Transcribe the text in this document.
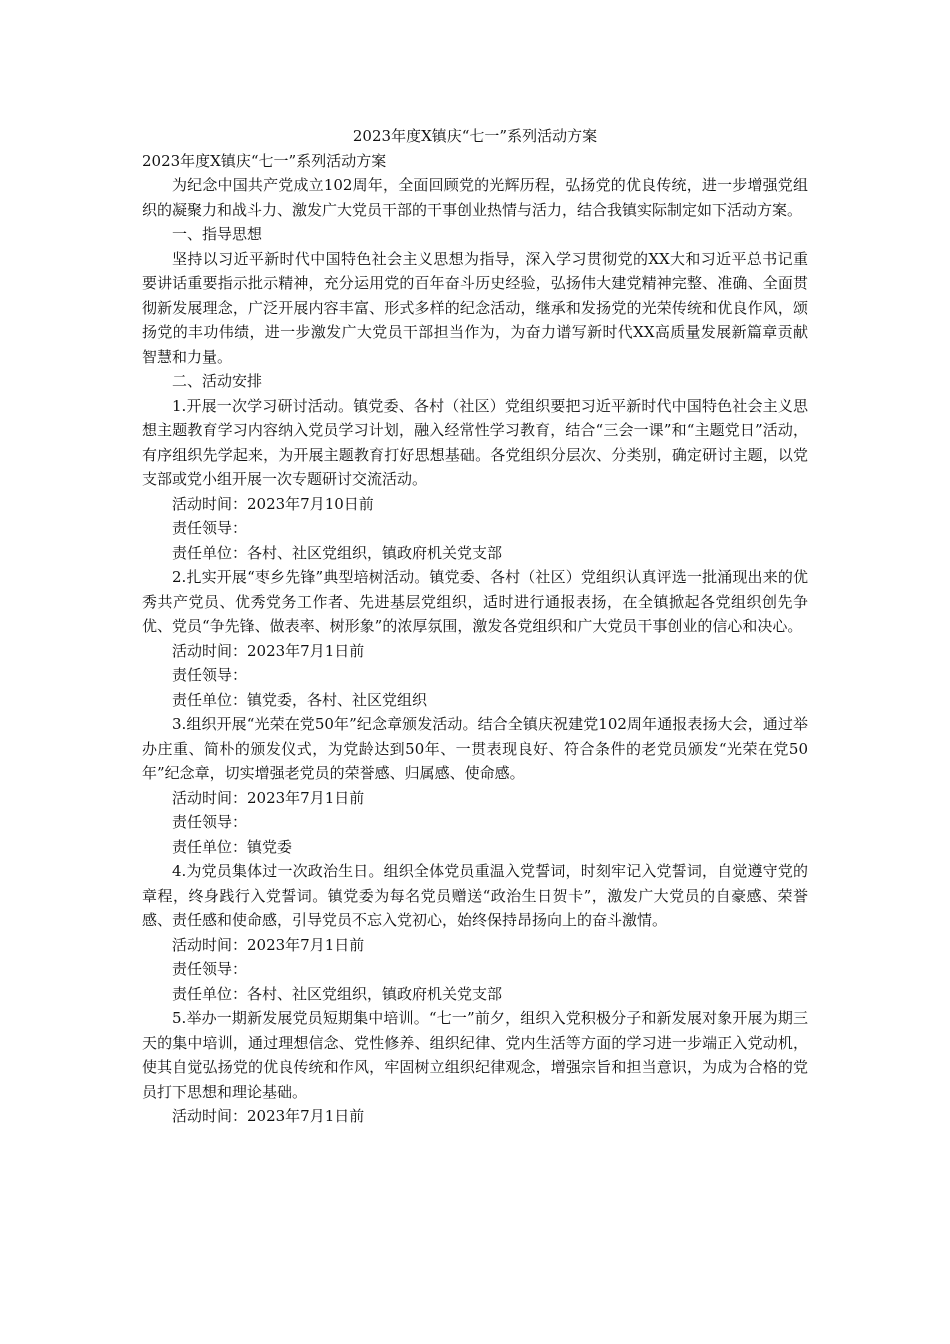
2023年度X镇庆“七一”系列活动方案

2023年度X镇庆“七一”系列活动方案

为纪念中国共产党成立102周年，全面回顾党的光辉历程，弘扬党的优良传统，进一步增强党组织的凝聚力和战斗力、激发广大党员干部的干事创业热情与活力，结合我镇实际制定如下活动方案。

一、指导思想

坚持以习近平新时代中国特色社会主义思想为指导，深入学习贯彻党的XX大和习近平总书记重要讲话重要指示批示精神，充分运用党的百年奋斗历史经验，弘扬伟大建党精神完整、准确、全面贯彻新发展理念，广泛开展内容丰富、形式多样的纪念活动，继承和发扬党的光荣传统和优良作风，颂扬党的丰功伟绩，进一步激发广大党员干部担当作为，为奋力谱写新时代XX高质量发展新篇章贡献智慧和力量。

二、活动安排

1.开展一次学习研讨活动。镇党委、各村（社区）党组织要把习近平新时代中国特色社会主义思想主题教育学习内容纳入党员学习计划，融入经常性学习教育，结合“三会一课”和“主题党日”活动，有序组织先学起来，为开展主题教育打好思想基础。各党组织分层次、分类别，确定研讨主题，以党支部或党小组开展一次专题研讨交流活动。

活动时间：2023年7月10日前

责任领导：

责任单位：各村、社区党组织，镇政府机关党支部

2.扎实开展“枣乡先锋”典型培树活动。镇党委、各村（社区）党组织认真评选一批涌现出来的优秀共产党员、优秀党务工作者、先进基层党组织，适时进行通报表扬，在全镇掀起各党组织创先争优、党员“争先锋、做表率、树形象”的浓厚氛围，激发各党组织和广大党员干事创业的信心和决心。

活动时间：2023年7月1日前

责任领导：

责任单位：镇党委，各村、社区党组织

3.组织开展“光荣在党50年”纪念章颁发活动。结合全镇庆祝建党102周年通报表扬大会，通过举办庄重、简朴的颁发仪式，为党龄达到50年、一贯表现良好、符合条件的老党员颁发“光荣在党50年”纪念章，切实增强老党员的荣誉感、归属感、使命感。

活动时间：2023年7月1日前

责任领导：

责任单位：镇党委

4.为党员集体过一次政治生日。组织全体党员重温入党誓词，时刻牢记入党誓词，自觉遵守党的章程，终身践行入党誓词。镇党委为每名党员赠送“政治生日贺卡”，激发广大党员的自豪感、荣誉感、责任感和使命感，引导党员不忘入党初心，始终保持昂扬向上的奋斗激情。

活动时间：2023年7月1日前

责任领导：

责任单位：各村、社区党组织，镇政府机关党支部

5.举办一期新发展党员短期集中培训。“七一”前夕，组织入党积极分子和新发展对象开展为期三天的集中培训，通过理想信念、党性修养、组织纪律、党内生活等方面的学习进一步端正入党动机，使其自觉弘扬党的优良传统和作风，牢固树立组织纪律观念，增强宗旨和担当意识，为成为合格的党员打下思想和理论基础。

活动时间：2023年7月1日前
